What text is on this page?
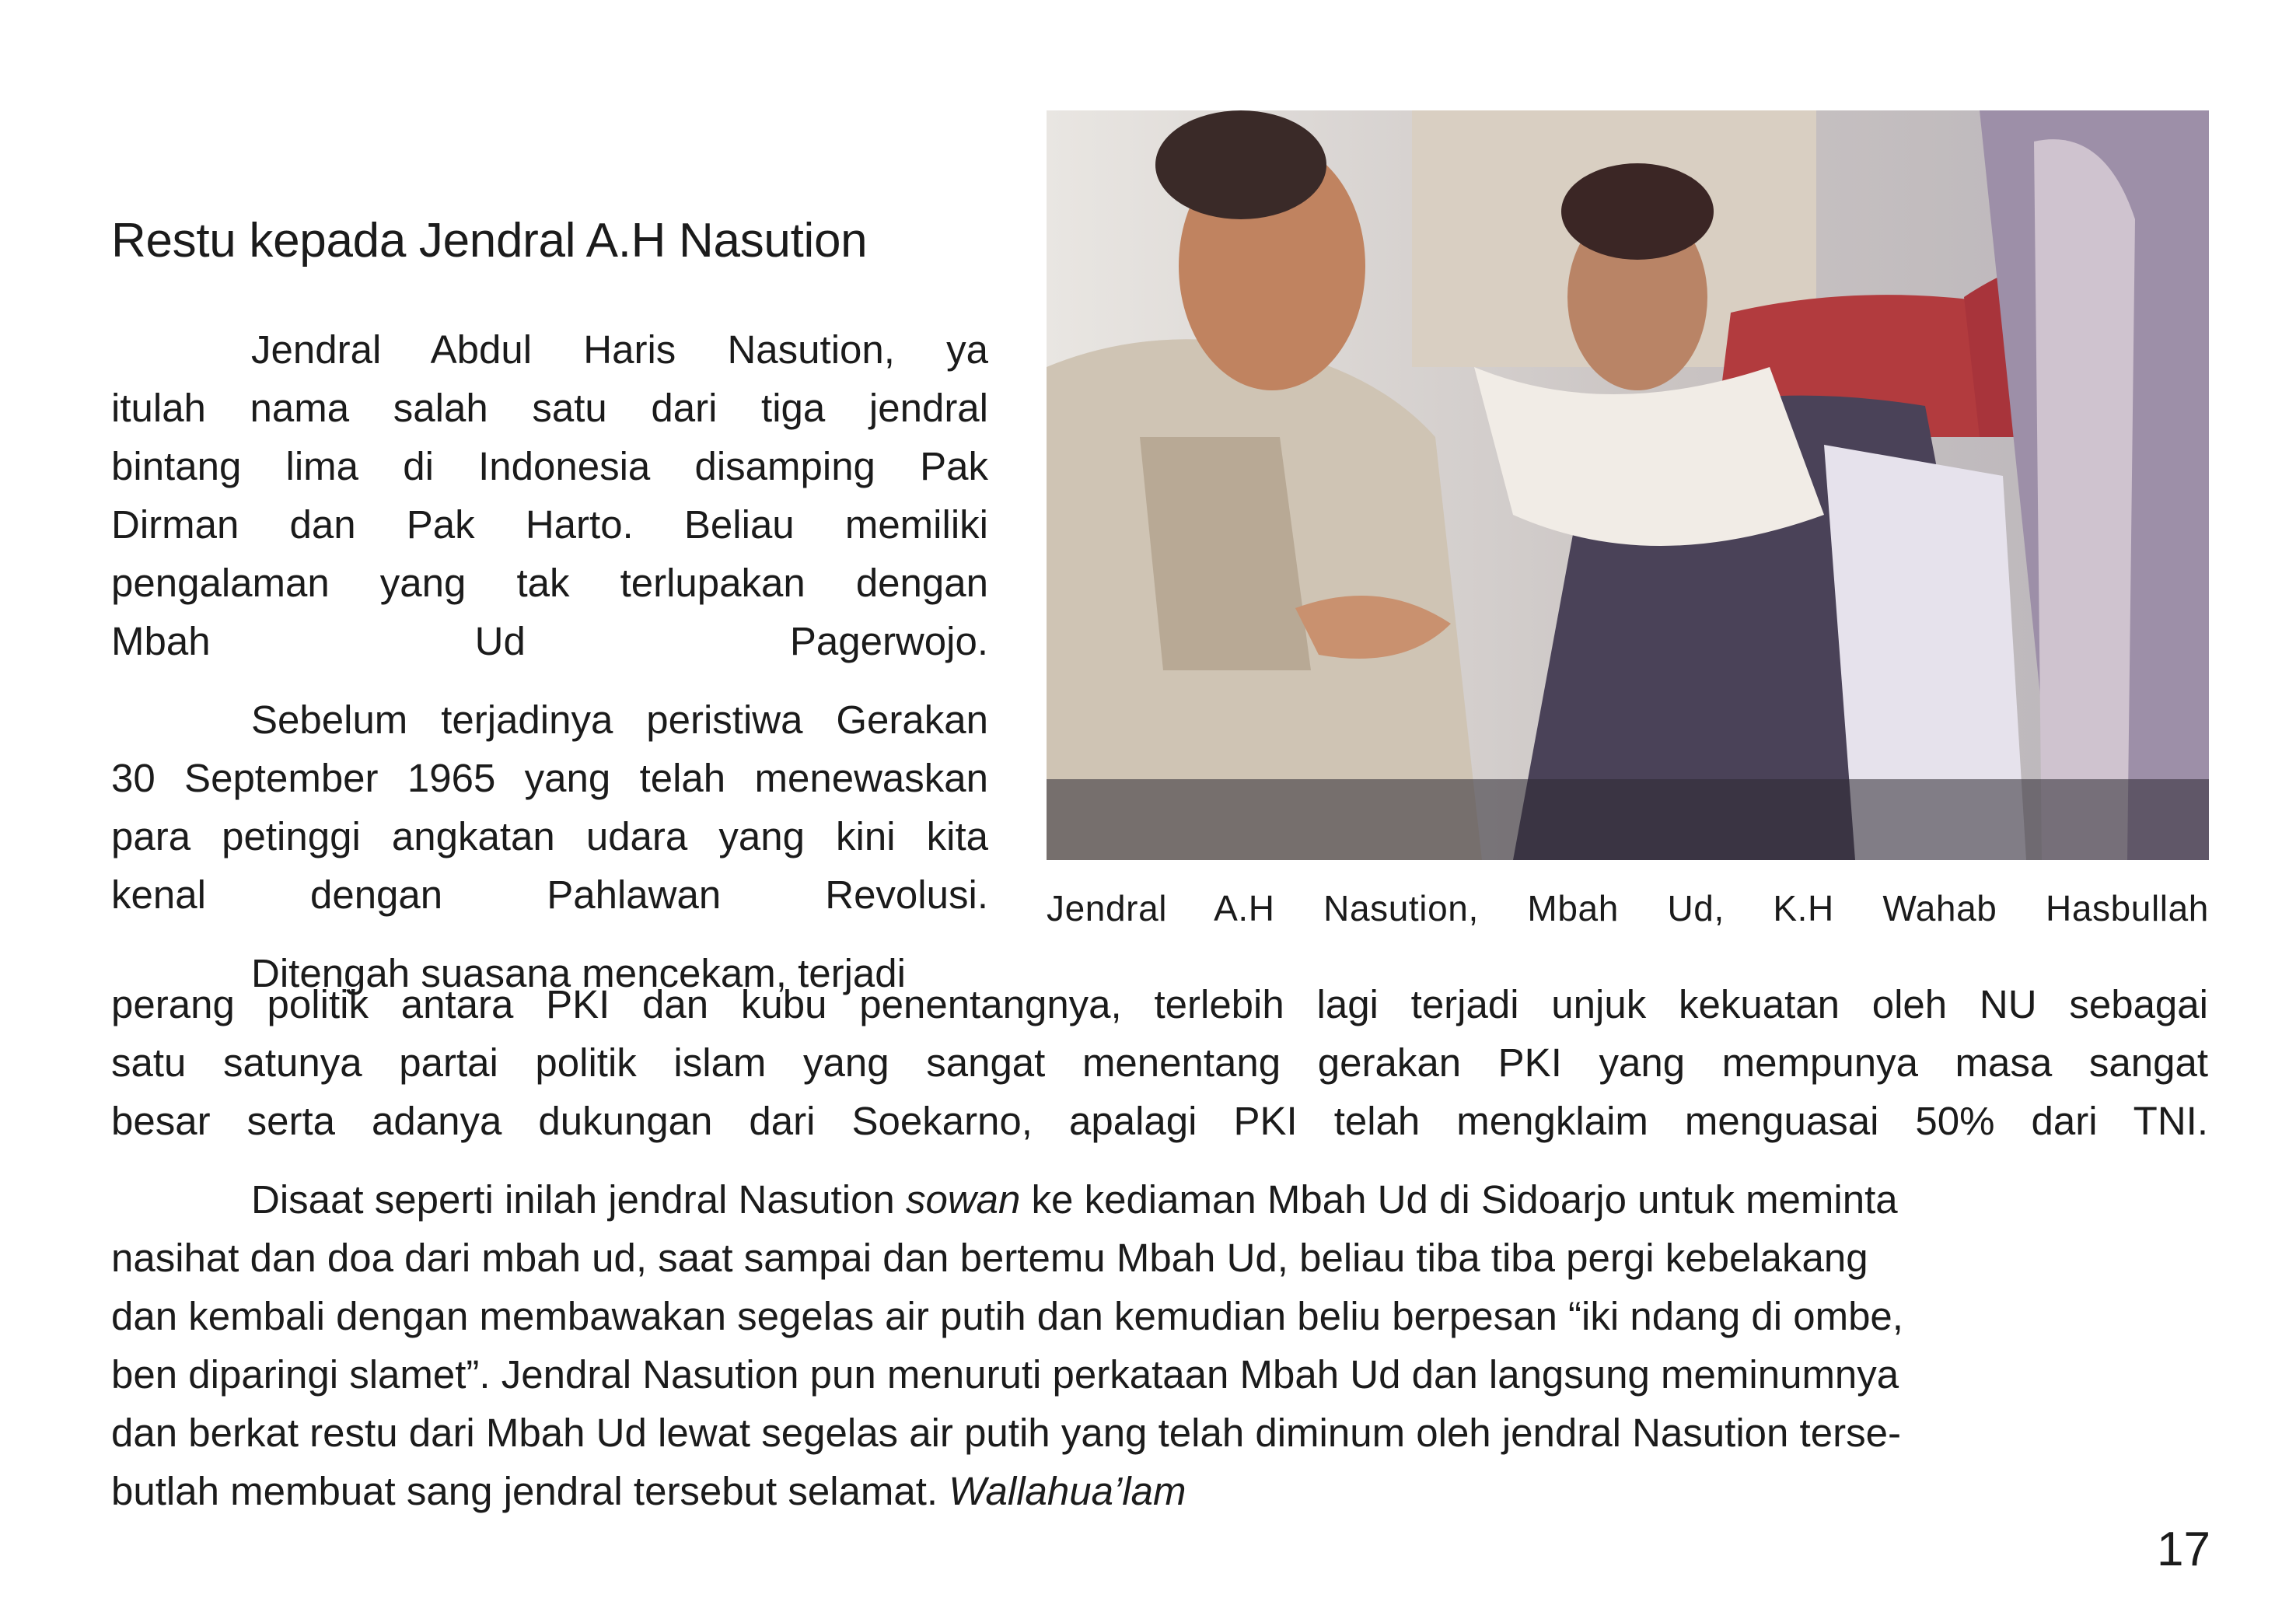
Restu kepada Jendral A.H Nasution

Jendral Abdul Haris Nasution, ya
itulah nama salah satu dari tiga jendral
bintang lima di Indonesia disamping Pak
Dirman dan Pak Harto. Beliau memiliki
pengalaman yang tak terlupakan dengan
Mbah Ud Pagerwojo.

Sebelum terjadinya peristiwa Gerakan
30 September 1965 yang telah menewaskan
para petinggi angkatan udara yang kini kita
kenal dengan Pahlawan Revolusi.

Ditengah suasana mencekam, terjadi

perang politik antara PKI dan kubu penentangnya, terlebih lagi terjadi unjuk kekuatan oleh NU sebagai
satu satunya partai politik islam yang sangat menentang gerakan PKI yang mempunya masa sangat
besar serta adanya dukungan dari Soekarno, apalagi PKI telah mengklaim menguasai 50% dari TNI.

Disaat seperti inilah jendral Nasution sowan ke kediaman Mbah Ud di Sidoarjo untuk meminta
nasihat dan doa dari mbah ud, saat sampai dan bertemu Mbah Ud, beliau tiba tiba pergi kebelakang
dan kembali dengan membawakan segelas air putih dan kemudian beliu berpesan “iki ndang di ombe,
ben diparingi slamet”. Jendral Nasution pun menuruti perkataan Mbah Ud dan langsung meminumnya
dan berkat restu dari Mbah Ud lewat segelas air putih yang telah diminum oleh jendral Nasution terse-
butlah membuat sang jendral tersebut selamat. Wallahua’lam

Jendral A.H Nasution, Mbah Ud, K.H Wahab Hasbullah

17
